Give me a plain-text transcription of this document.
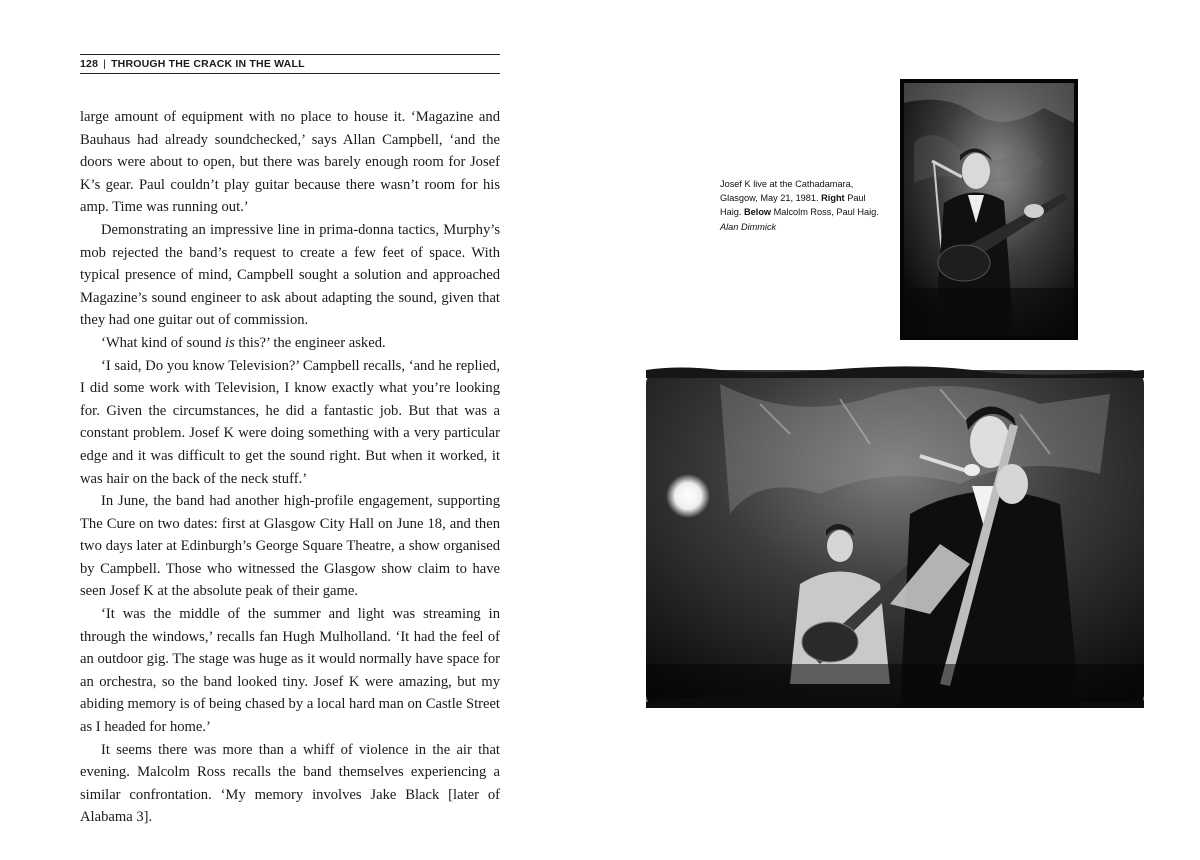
128 | THROUGH THE CRACK IN THE WALL

large amount of equipment with no place to house it. ‘Magazine and Bauhaus had already soundchecked,’ says Allan Campbell, ‘and the doors were about to open, but there was barely enough room for Josef K’s gear. Paul couldn’t play guitar because there wasn’t room for his amp. Time was running out.’

Demonstrating an impressive line in prima-donna tactics, Murphy’s mob rejected the band’s request to create a few feet of space. With typical presence of mind, Campbell sought a solution and approached Magazine’s sound engineer to ask about adapting the sound, given that they had one guitar out of commission.

‘What kind of sound is this?’ the engineer asked.

‘I said, Do you know Television?’ Campbell recalls, ‘and he replied, I did some work with Television, I know exactly what you’re looking for. Given the circumstances, he did a fantastic job. But that was a constant problem. Josef K were doing something with a very particular edge and it was difficult to get the sound right. But when it worked, it was hair on the back of the neck stuff.’

In June, the band had another high-profile engagement, supporting The Cure on two dates: first at Glasgow City Hall on June 18, and then two days later at Edinburgh’s George Square Theatre, a show organised by Campbell. Those who witnessed the Glasgow show claim to have seen Josef K at the absolute peak of their game.

‘It was the middle of the summer and light was streaming in through the windows,’ recalls fan Hugh Mulholland. ‘It had the feel of an outdoor gig. The stage was huge as it would normally have space for an orchestra, so the band looked tiny. Josef K were amazing, but my abiding memory is of being chased by a local hard man on Castle Street as I headed for home.’

It seems there was more than a whiff of violence in the air that evening. Malcolm Ross recalls the band themselves experiencing a similar confrontation. ‘My memory involves Jake Black [later of Alabama 3].

Josef K live at the Cathadamara, Glasgow, May 21, 1981. Right Paul Haig. Below Malcolm Ross, Paul Haig. Alan Dimmick
